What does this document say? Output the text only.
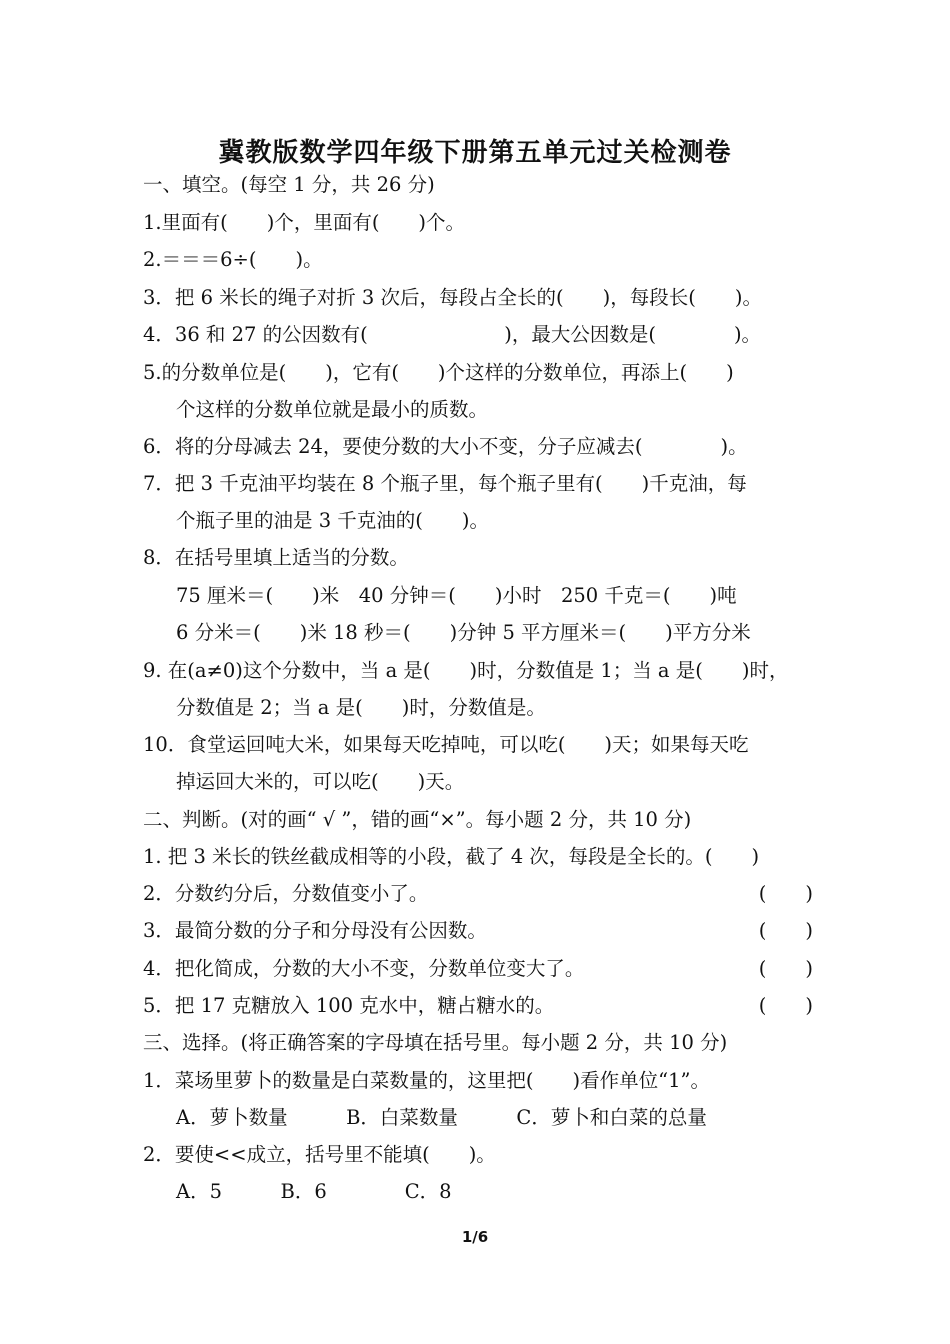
冀教版数学四年级下册第五单元过关检测卷
一、填空。(每空 1 分，共 26 分)
1.里面有(　　)个，里面有(　　)个。
2.＝＝＝6÷(　　)。
3．把 6 米长的绳子对折 3 次后，每段占全长的(　　)，每段长(　　)。
4．36 和 27 的公因数有(　　　　　　　)，最大公因数是(　　　　)。
5.的分数单位是(　　)，它有(　　)个这样的分数单位，再添上(　　)
个这样的分数单位就是最小的质数。
6．将的分母减去 24，要使分数的大小不变，分子应减去(　　　　)。
7．把 3 千克油平均装在 8 个瓶子里，每个瓶子里有(　　)千克油，每
个瓶子里的油是 3 千克油的(　　)。
8．在括号里填上适当的分数。
75 厘米＝(　　)米　40 分钟＝(　　)小时　250 千克＝(　　)吨
6 分米＝(　　)米 18 秒＝(　　)分钟 5 平方厘米＝(　　)平方分米
9. 在(a≠0)这个分数中，当 a 是(　　)时，分数值是 1；当 a 是(　　)时，
分数值是 2；当 a 是(　　)时，分数值是。
10．食堂运回吨大米，如果每天吃掉吨，可以吃(　　)天；如果每天吃
掉运回大米的，可以吃(　　)天。
二、判断。(对的画“ √ ”，错的画“×”。每小题 2 分，共 10 分)
1. 把 3 米长的铁丝截成相等的小段，截了 4 次，每段是全长的。(　　)
2．分数约分后，分数值变小了。	(　　)
3．最简分数的分子和分母没有公因数。	(　　)
4．把化简成，分数的大小不变，分数单位变大了。	(　　)
5．把 17 克糖放入 100 克水中，糖占糖水的。	(　　)
三、选择。(将正确答案的字母填在括号里。每小题 2 分，共 10 分)
1．菜场里萝卜的数量是白菜数量的，这里把(　　)看作单位“1”。
A．萝卜数量　　　B．白菜数量　　　C．萝卜和白菜的总量
2．要使<<成立，括号里不能填(　　)。
A．5　　　B．6　　　　C．8
1/6
